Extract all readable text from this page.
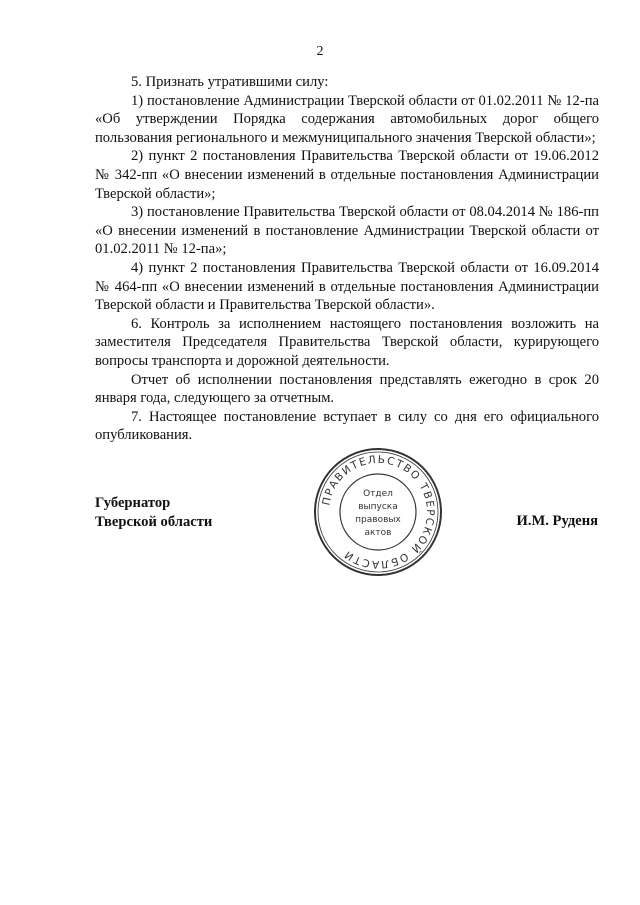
2

5. Признать утратившими силу:

1) постановление Администрации Тверской области от 01.02.2011 № 12-па «Об утверждении Порядка содержания автомобильных дорог общего пользования регионального и межмуниципального значения Тверской области»;

2) пункт 2 постановления Правительства Тверской области от 19.06.2012 № 342-пп «О внесении изменений в отдельные постановления Администрации Тверской области»;

3) постановление Правительства Тверской области от 08.04.2014 № 186-пп «О внесении изменений в постановление Администрации Тверской области от 01.02.2011 № 12-па»;

4) пункт 2 постановления Правительства Тверской области от 16.09.2014 № 464-пп «О внесении изменений в отдельные постановления Администрации Тверской области и Правительства Тверской области».

6. Контроль за исполнением настоящего постановления возложить на заместителя Председателя Правительства Тверской области, курирующего вопросы транспорта и дорожной деятельности.

Отчет об исполнении постановления представлять ежегодно в срок 20 января года, следующего за отчетным.

7. Настоящее постановление вступает в силу со дня его официального опубликования.

Губернатор
Тверской области
ПРАВИТЕЛЬСТВО ТВЕРСКОЙ ОБЛАСТИ
Отдел
выпуска
правовых
актов
И.М. Руденя
